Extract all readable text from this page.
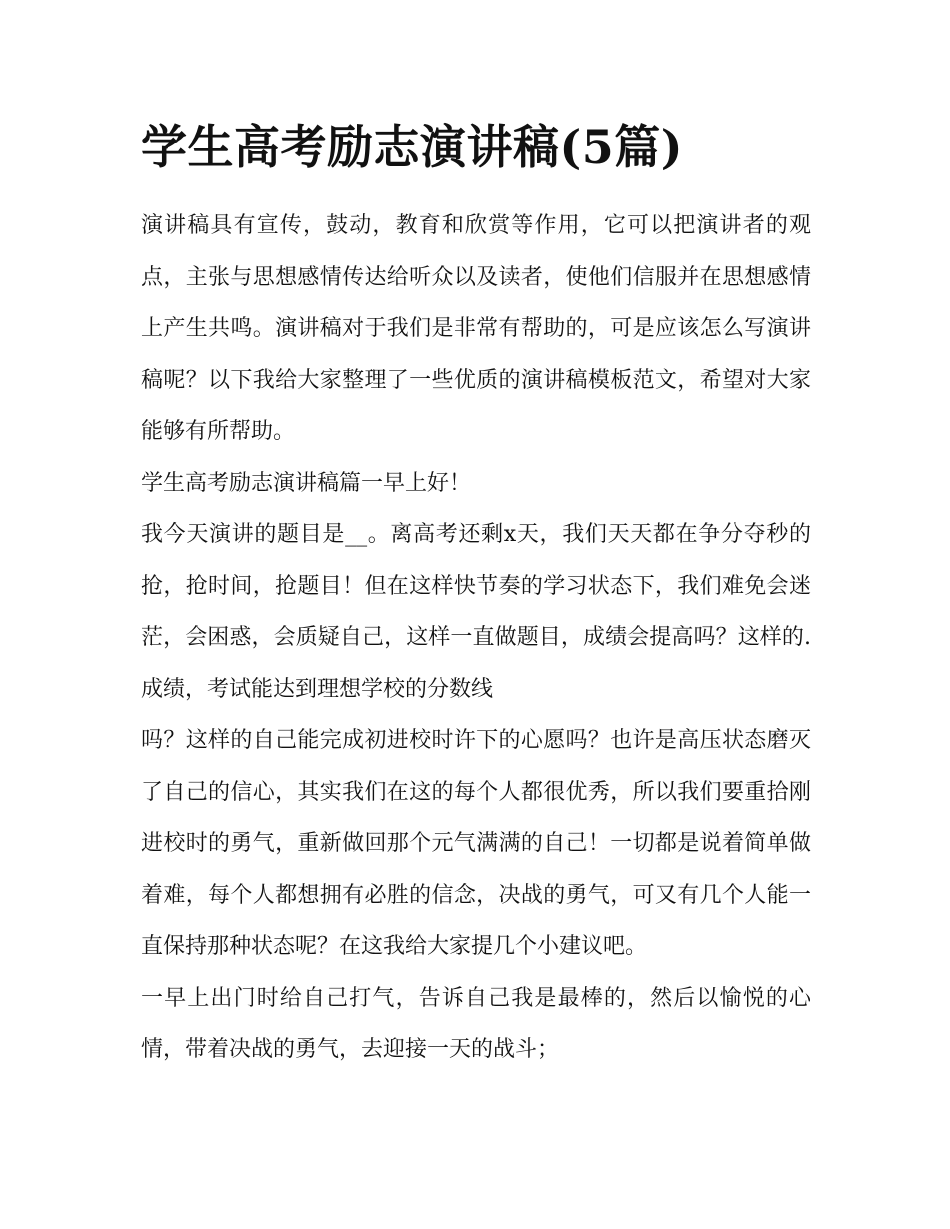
学生高考励志演讲稿(5篇)

演讲稿具有宣传，鼓动，教育和欣赏等作用，它可以把演讲者的观点，主张与思想感情传达给听众以及读者，使他们信服并在思想感情上产生共鸣。演讲稿对于我们是非常有帮助的，可是应该怎么写演讲稿呢？以下我给大家整理了一些优质的演讲稿模板范文，希望对大家能够有所帮助。

学生高考励志演讲稿篇一早上好！

我今天演讲的题目是__。离高考还剩x天，我们天天都在争分夺秒的抢，抢时间，抢题目！但在这样快节奏的学习状态下，我们难免会迷茫，会困惑，会质疑自己，这样一直做题目，成绩会提高吗？这样的.成绩，考试能达到理想学校的分数线

吗？这样的自己能完成初进校时许下的心愿吗？也许是高压状态磨灭了自己的信心，其实我们在这的每个人都很优秀，所以我们要重拾刚进校时的勇气，重新做回那个元气满满的自己！一切都是说着简单做着难，每个人都想拥有必胜的信念，决战的勇气，可又有几个人能一直保持那种状态呢？在这我给大家提几个小建议吧。

一早上出门时给自己打气，告诉自己我是最棒的，然后以愉悦的心情，带着决战的勇气，去迎接一天的战斗；
